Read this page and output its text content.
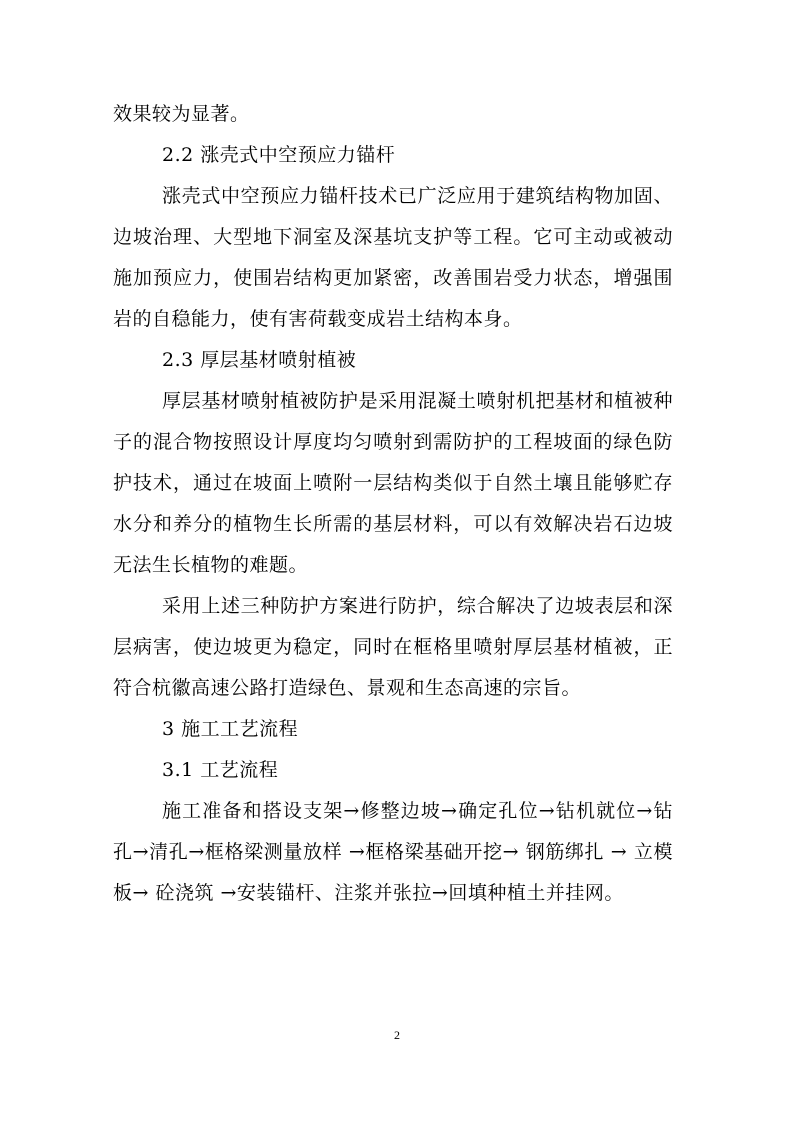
效果较为显著。

2.2 涨壳式中空预应力锚杆

涨壳式中空预应力锚杆技术已广泛应用于建筑结构物加固、边坡治理、大型地下洞室及深基坑支护等工程。它可主动或被动施加预应力，使围岩结构更加紧密，改善围岩受力状态，增强围岩的自稳能力，使有害荷载变成岩土结构本身。

2.3 厚层基材喷射植被

厚层基材喷射植被防护是采用混凝土喷射机把基材和植被种子的混合物按照设计厚度均匀喷射到需防护的工程坡面的绿色防护技术，通过在坡面上喷附一层结构类似于自然土壤且能够贮存水分和养分的植物生长所需的基层材料，可以有效解决岩石边坡无法生长植物的难题。

采用上述三种防护方案进行防护，综合解决了边坡表层和深层病害，使边坡更为稳定，同时在框格里喷射厚层基材植被，正符合杭徽高速公路打造绿色、景观和生态高速的宗旨。

3 施工工艺流程

3.1 工艺流程

施工准备和搭设支架→修整边坡→确定孔位→钻机就位→钻孔→清孔→框格梁测量放样 →框格梁基础开挖→ 钢筋绑扎 → 立模板→ 砼浇筑 →安装锚杆、注浆并张拉→回填种植土并挂网。

2
